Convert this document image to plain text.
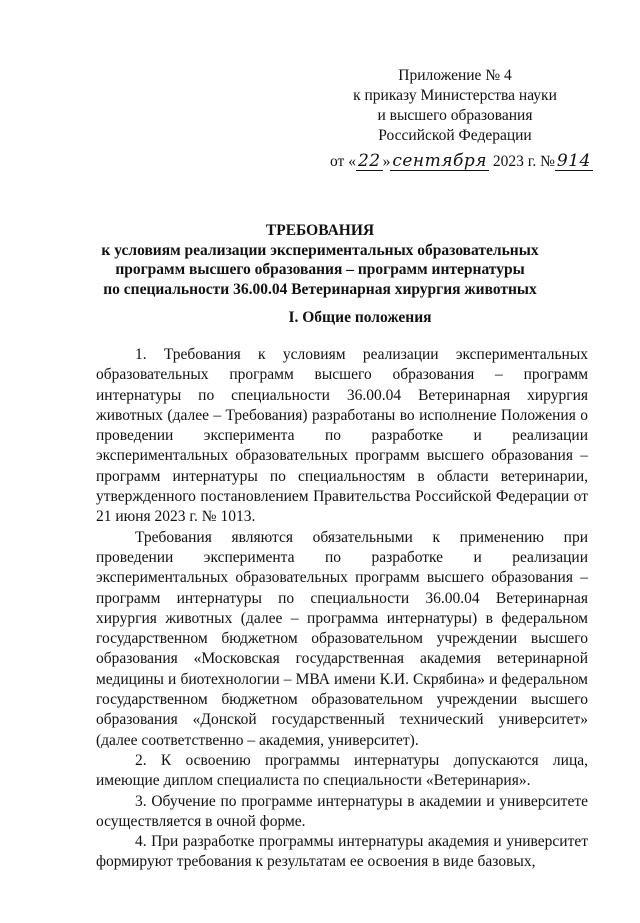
Приложение № 4
к приказу Министерства науки
и высшего образования
Российской Федерации
от « 22 » сентября 2023 г. № 914
ТРЕБОВАНИЯ
к условиям реализации экспериментальных образовательных
программ высшего образования – программ интернатуры
по специальности 36.00.04 Ветеринарная хирургия животных
I. Общие положения

1. Требования к условиям реализации экспериментальных образовательных программ высшего образования – программ интернатуры по специальности 36.00.04 Ветеринарная хирургия животных (далее – Требования) разработаны во исполнение Положения о проведении эксперимента по разработке и реализации экспериментальных образовательных программ высшего образования – программ интернатуры по специальностям в области ветеринарии, утвержденного постановлением Правительства Российской Федерации от 21 июня 2023 г. № 1013.

Требования являются обязательными к применению при проведении эксперимента по разработке и реализации экспериментальных образовательных программ высшего образования – программ интернатуры по специальности 36.00.04 Ветеринарная хирургия животных (далее – программа интернатуры) в федеральном государственном бюджетном образовательном учреждении высшего образования «Московская государственная академия ветеринарной медицины и биотехнологии – МВА имени К.И. Скрябина» и федеральном государственном бюджетном образовательном учреждении высшего образования «Донской государственный технический университет» (далее соответственно – академия, университет).

2. К освоению программы интернатуры допускаются лица, имеющие диплом специалиста по специальности «Ветеринария».

3. Обучение по программе интернатуры в академии и университете осуществляется в очной форме.

4. При разработке программы интернатуры академия и университет формируют требования к результатам ее освоения в виде базовых,
